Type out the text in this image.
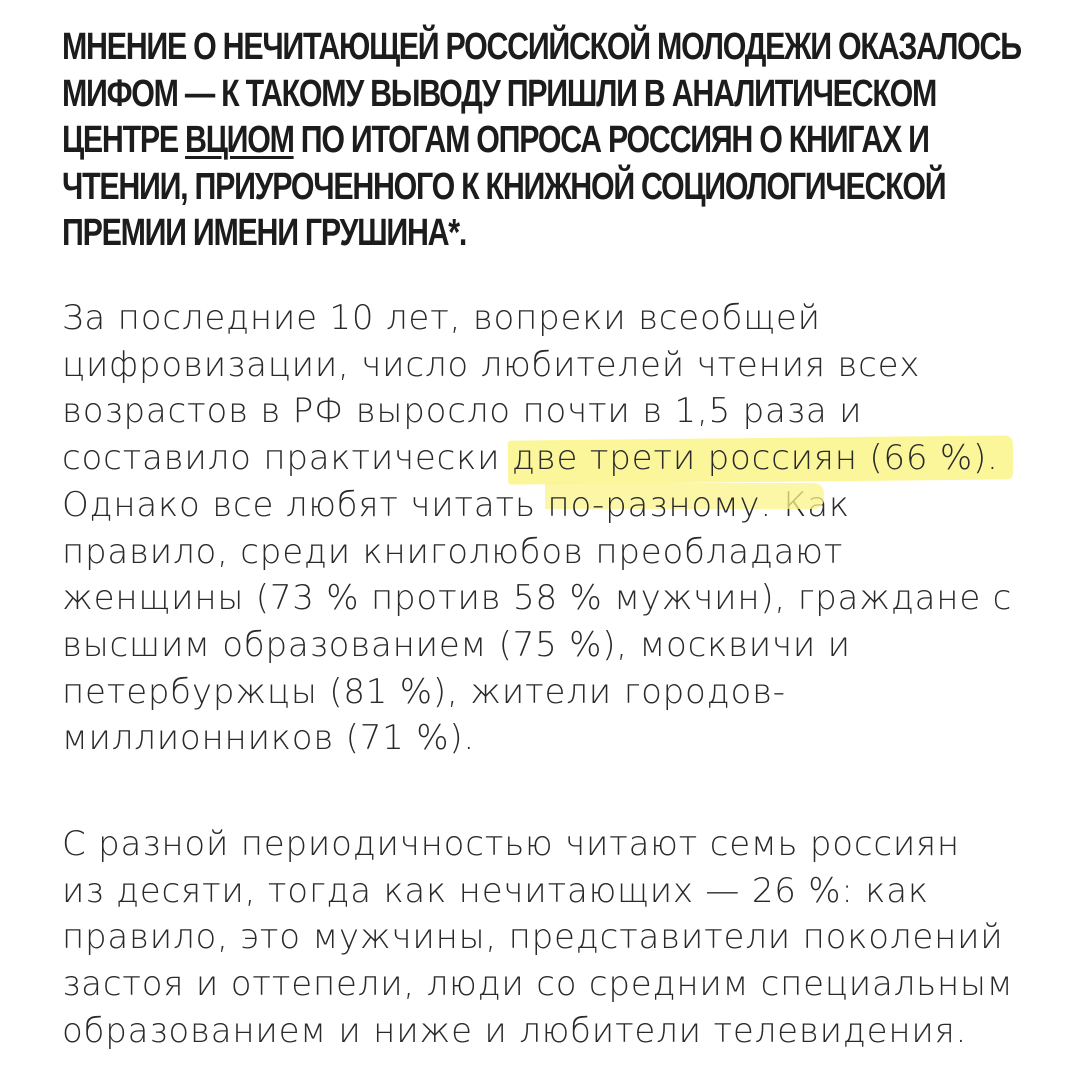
МНЕНИЕ О НЕЧИТАЮЩЕЙ РОССИЙСКОЙ МОЛОДЕЖИ ОКАЗАЛОСЬ
МИФОМ — К ТАКОМУ ВЫВОДУ ПРИШЛИ В АНАЛИТИЧЕСКОМ
ЦЕНТРЕ ВЦИОМ ПО ИТОГАМ ОПРОСА РОССИЯН О КНИГАХ И
ЧТЕНИИ, ПРИУРОЧЕННОГО К КНИЖНОЙ СОЦИОЛОГИЧЕСКОЙ
ПРЕМИИ ИМЕНИ ГРУШИНА*.
За последние 10 лет, вопреки всеобщей
цифровизации, число любителей чтения всех
возрастов в РФ выросло почти в 1,5 раза и
составило практически две трети россиян (66 %).
Однако все любят читать по-разному. Как
правило, среди книголюбов преобладают
женщины (73 % против 58 % мужчин), граждане с
высшим образованием (75 %), москвичи и
петербуржцы (81 %), жители городов-
миллионников (71 %).
С разной периодичностью читают семь россиян
из десяти, тогда как нечитающих — 26 %: как
правило, это мужчины, представители поколений
застоя и оттепели, люди со средним специальным
образованием и ниже и любители телевидения.
